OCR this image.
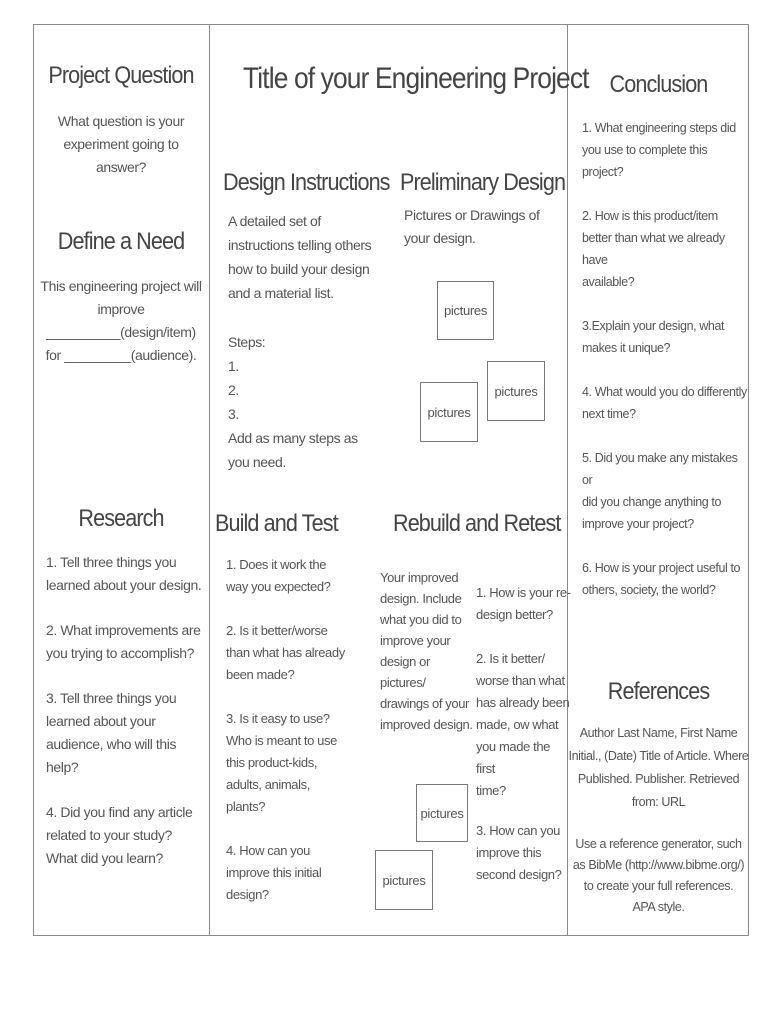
Project Question
What question is your
experiment going to
answer?
Define a Need
This engineering project will
improve
__________(design/item)
for _________(audience).
Research
1. Tell three things you learned about your design.
2. What improvements are you trying to accomplish?
3. Tell three things you learned about your audience, who will this help?
4. Did you find any article related to your study? What did you learn?
Title of your Engineering Project
Design Instructions
A detailed set of
instructions telling others
how to build your design
and a material list.
Steps:
1.
2.
3.
Add as many steps as
you need.
Preliminary Design
Pictures or Drawings of
your design.
pictures
pictures
pictures
Build and Test
1. Does it work the
way you expected?
2. Is it better/worse
than what has already
been made?
3. Is it easy to use?
Who is meant to use
this product-kids,
adults, animals,
plants?
4. How can you
improve this initial
design?
Rebuild and Retest
Your improved
design. Include
what you did to
improve your
design or
pictures/
drawings of your
improved design.
1. How is your re-
design better?
2. Is it better/
worse than what
has already been
made, ow what
you made the first
time?
3. How can you
improve this
second design?
pictures
pictures
Conclusion
1. What engineering steps did
you use to complete this project?
2. How is this product/item
better than what we already have
available?
3.Explain your design, what
makes it unique?
4. What would you do differently
next time?
5. Did you make any mistakes or
did you change anything to
improve your project?
6. How is your project useful to
others, society, the world?
References
Author Last Name, First Name
Initial., (Date) Title of Article. Where
Published. Publisher. Retrieved
from: URL
Use a reference generator, such
as BibMe (http://www.bibme.org/)
to create your full references.
APA style.
